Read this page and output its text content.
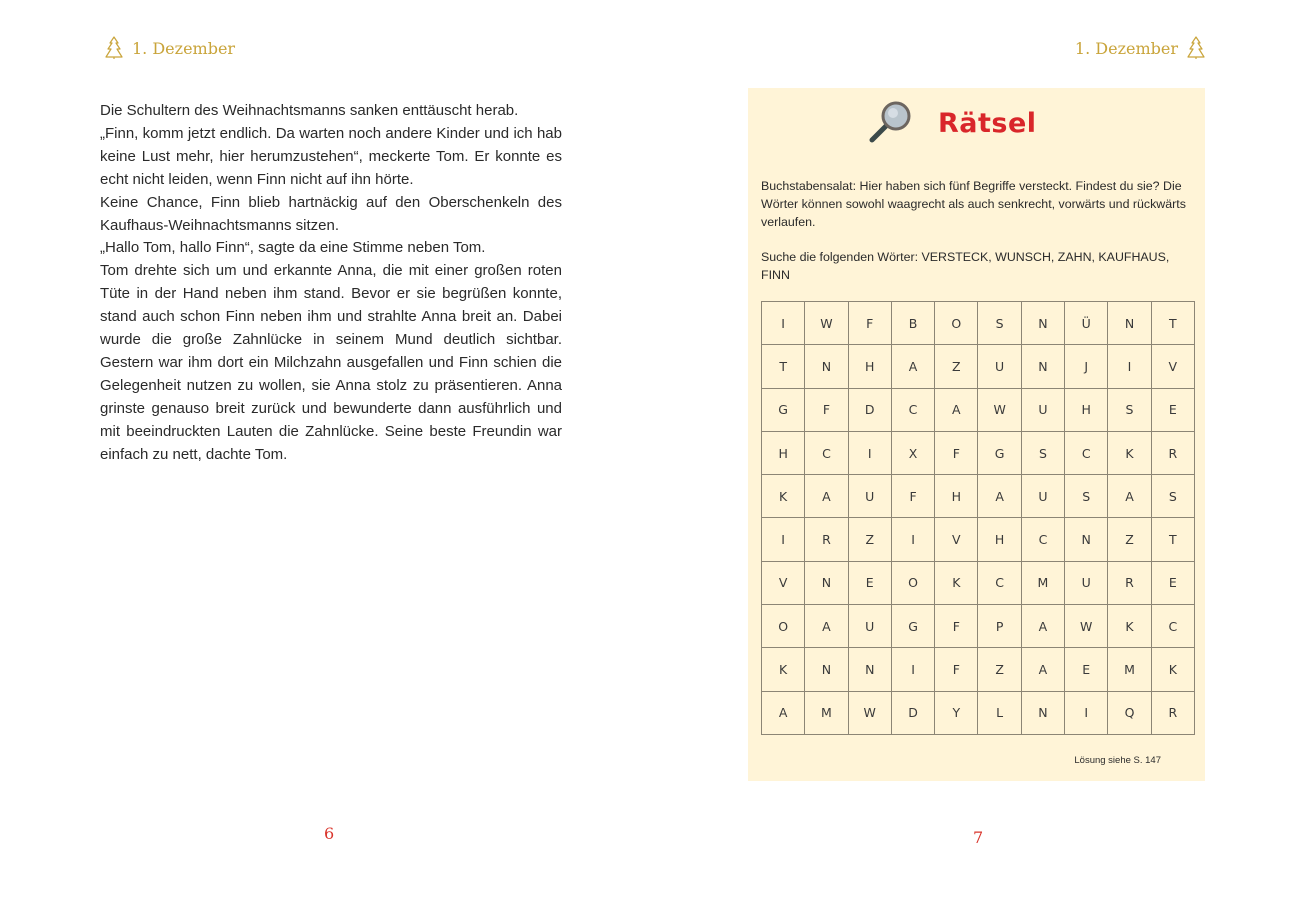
1. Dezember

Die Schultern des Weihnachtsmanns sanken enttäuscht herab.

„Finn, komm jetzt endlich. Da warten noch andere Kinder und ich hab keine Lust mehr, hier herumzustehen“, meckerte Tom. Er konnte es echt nicht leiden, wenn Finn nicht auf ihn hörte.

Keine Chance, Finn blieb hartnäckig auf den Oberschenkeln des Kaufhaus-Weihnachtsmanns sitzen.

„Hallo Tom, hallo Finn“, sagte da eine Stimme neben Tom.

Tom drehte sich um und erkannte Anna, die mit einer großen roten Tüte in der Hand neben ihm stand. Bevor er sie begrüßen konnte, stand auch schon Finn neben ihm und strahlte Anna breit an. Dabei wurde die große Zahnlücke in seinem Mund deutlich sichtbar. Gestern war ihm dort ein Milchzahn ausgefallen und Finn schien die Gelegenheit nutzen zu wollen, sie Anna stolz zu präsentieren. Anna grinste genauso breit zurück und bewunderte dann ausführlich und mit beeindruckten Lauten die Zahnlücke. Seine beste Freundin war einfach zu nett, dachte Tom.

6
1. Dezember
Rätsel

Buchstabensalat: Hier haben sich fünf Begriffe versteckt. Findest du sie? Die Wörter können sowohl waagrecht als auch senkrecht, vorwärts und rückwärts verlaufen.

Suche die folgenden Wörter: VERSTECK, WUNSCH, ZAHN, KAUFHAUS, FINN

I	W	F	B	O	S	N	Ü	N	T
T	N	H	A	Z	U	N	J	I	V
G	F	D	C	A	W	U	H	S	E
H	C	I	X	F	G	S	C	K	R
K	A	U	F	H	A	U	S	A	S
I	R	Z	I	V	H	C	N	Z	T
V	N	E	O	K	C	M	U	R	E
O	A	U	G	F	P	A	W	K	C
K	N	N	I	F	Z	A	E	M	K
A	M	W	D	Y	L	N	I	Q	R
Lösung siehe S. 147
7
